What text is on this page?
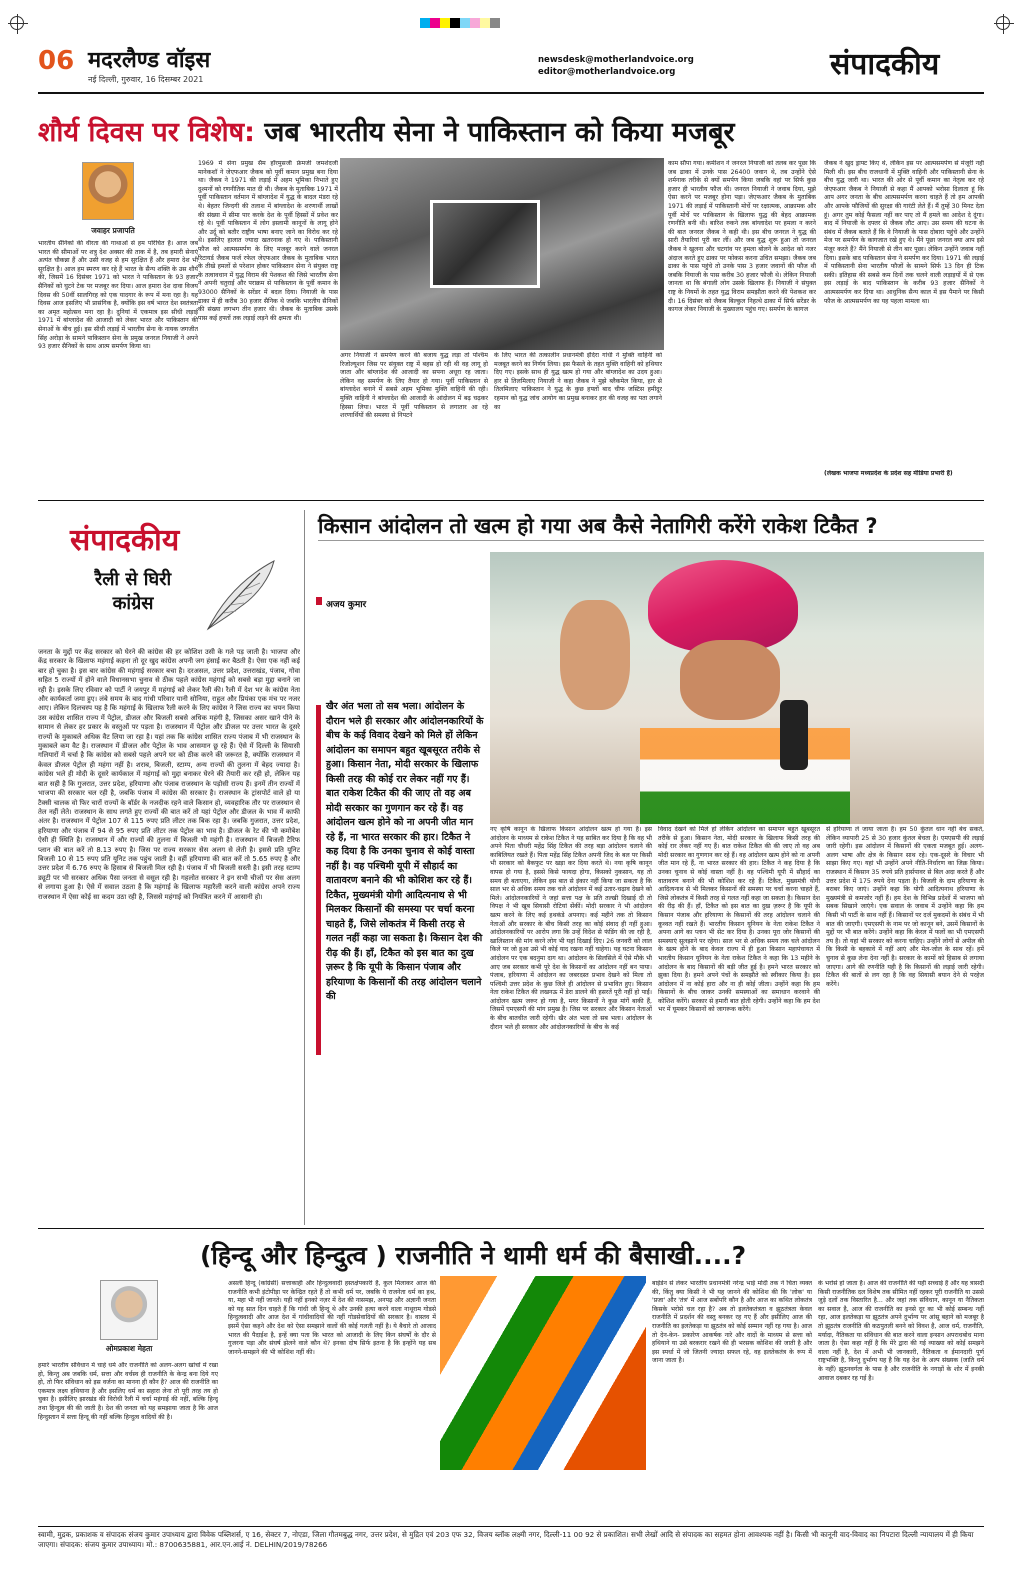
06 मदरलैण्ड वॉइस
नई दिल्ली, गुरुवार, 16 दिसम्बर 2021
newsdesk@motherlandvoice.org
editor@motherlandvoice.org	संपादकीय
शौर्य दिवस पर विशेष: जब भारतीय सेना ने पाकिस्तान को किया मजबूर
जवाहर प्रजापति
भारतीय सैनिकों की वीरता की गाथाओं से हम परिचित हैं। आज जब भारत की सीमाओं पर शत्रु देश अक्सर की ताक में है, तब हमारी सेनाएं अत्यंत चौकन्ना हैं और उसी वजह से हम सुरक्षित हैं और हमारा देश भी सुरक्षित है। आज हम स्मरण कर रहे हैं भारत के सैन्य शक्ति के उस शौर्य की, जिसमें 16 दिसंबर 1971 को भारत ने पाकिस्तान के 93 हजार सैनिकों को घुटने टेक पर मजबूर कर दिया। आज हमारा देश दावा विजय दिवस की 50वीं सालगिरह को एक यादगार के रूप में मना रहा है। यह दिवस आज इसलिए भी प्रासंगिक है, क्योंकि इस वर्ष भारत देश स्वतंत्रता का अमृत महोत्सव मना रहा है। दुनियां में एकमात्र इस सीधी लड़ाई 1971 में बांग्लादेश की आजादी को लेकर भारत और पाकिस्तान की सेनाओं के बीच हुई। इस सीधी लड़ाई में भारतीय सेना के नायक जगजीत सिंह अरोड़ा के सामने पाकिस्तान सेना के प्रमुख जनरल नियाजी ने अपने 93 हजार सैनिकों के साथ आत्म समर्पण किया था।
1969 में सेना प्रमुख सैम हॉरमुसजी फ्रेमजी जमशेदजी मानेकशॉ ने जेएफआर जैकब को पूर्वी कमान प्रमुख बना दिया था। जैकब ने 1971 की लड़ाई में अहम भूमिका निभाते हुए दुश्मनों को रणनीतिक मात दी थी। जैकब के मुताबिक 1971 में पूर्वी पाकिस्तान वर्तमान में बांग्लादेश में युद्ध के बादल मंडरा रहे थे। बेहतर जिन्दगी की तलाश में बांग्लादेश के शरणार्थी लाखों की संख्या में सीमा पार करके देश के पूर्वी हिस्सों में प्रवेश कर रहे थे। पूर्वी पाकिस्तान में लोग इस्लामी कानूनों के लागू होने और उर्दू को बतौर राष्ट्रीय भाषा बनाए जाने का विरोध कर रहे थे। इसलिए हालात ज्यादा खतरनाक हो गए थे। पाकिस्तानी फौज को आत्मसमर्पण के लिए मजबूर करने वाले जनरल रिटायर्ड जैकब फर्ज रफेल जेएफआर जैकब के मुताबिक भारत के तीखे हमलों से परेशान होकर पाकिस्तान सेना ने संयुक्त राष्ट्र के तत्वावधान में युद्ध विराम की पेशकश की जिसे भारतीय सेना ने अपनी चतुराई और पराक्रम से पाकिस्तान के पूर्वी कमान के 93000 सैनिकों के सरेंडर में बदल दिया। नियाजी के पास ढाका में ही करीब 30 हजार सैनिक थे जबकि भारतीय सैनिकों की संख्या लगभग तीन हजार थी। जैकब के मुताबिक उसके पास कई हफ्तों तक लड़ाई लड़ने की क्षमता थी।
अगर नियाजी ने समर्पण करने की बजाय युद्ध लड़ा तो पश्चिम रिजोल्यूशन जिस पर संयुक्त राष्ट्र में बहस हो रही थी वह लागू हो जाता और बांग्लादेश की आजादी का सपना अधूरा रह जाता। लेकिन वह समर्पण के लिए तैयार हो गया। पूर्वी पाकिस्तान से बांग्लादेश बनाने में सबसे अहम भूमिका मुक्ति वाहिनी की रही। मुक्ति वाहिनी ने बांग्लादेश की आजादी के आंदोलन में बढ़ चढ़कर हिस्सा लिया। भारत में पूर्वी पाकिस्तान से लगातार आ रहे शरणार्थियों की समस्या से निपटने
के लिए भारत की तत्कालीन प्रधानमंत्री इंदिरा गांधी ने मुक्ति वाहिनी को मजबूत करने का निर्णय लिया। इस फैसले के तहत मुक्ति वाहिनी को हथियार दिए गए। इसके साथ ही युद्ध खत्म हो गया और बांग्लादेश का उदय हुआ। हार से तिलमिलाए नियाजी ने कहा जैकब ने मुझे ब्लैकमेल किया, हार से तिलमिलाए पाकिस्तान ने युद्ध के कुछ हफ्तों बाद चीफ जस्टिस हमीदूर रहमान को युद्ध जांच आयोग का प्रमुख बनाकर हार की वजह का पता लगाने का
काम सौंपा गया। कमीशन ने जनरल नियाजी को तलब कर पूछा कि जब ढाका में उनके पास 26400 जवान थे, तब उन्होंने ऐसे शर्मनाक तरीके से क्यों समर्पण किया जबकि वहां पर सिर्फ कुछ हजार ही भारतीय फौज थी। जनरल नियाजी ने जवाब दिया, मुझे ऐसा करने पर मजबूर होना पड़ा। जेएफआर जैकब के मुताबिक 1971 की लड़ाई में पाकिस्तानी मोर्चे पर रक्षात्मक, आक्रामक और पूर्वी मोर्चे पर पाकिस्तान के खिलाफ युद्ध की बेहद आक्रामक रणनीति बनी थी। बारिश रुकने तक बांग्लादेश पर हमला न करने की बात जनरल जैकब ने कही थी। इस बीच जनरल ने युद्ध की सारी तैयारियां पूरी कर लीं। और जब युद्ध शुरू हुआ तो जनरल जैकब ने खुलना और चटगांव पर हमला बोलने के आदेश को नजर अंदाज करते हुए ढाका पर फोकस करना उचित समझा। जैकब जब ढाका के पास पहुंचे तो उनके पास 3 हजार जवानों की फौज थी जबकि नियाजी के पास करीब 30 हजार फौजी थे। लेकिन नियाजी जानता था कि बंगाली लोग उसके खिलाफ हैं। नियाजी ने संयुक्त राष्ट्र के नियमों के तहत युद्ध विराम समझौता करने की पेशकश कर दी। 16 दिसंबर को जैकब बिल्कुल निहत्थे ढाका में सिर्फ सरेंडर के कागज लेकर नियाजी के मुख्यालय पहुंच गए। समर्पण के कागज
जैकब ने खुद ड्राफ्ट किए थे, लेकिन इस पर आत्मसमर्पण से मंजूरी नहीं मिली थी। इस बीच राजधानी में मुक्ति वाहिनी और पाकिस्तानी सेना के बीच युद्ध जारी था। भारत की ओर से पूर्वी कमान का नेतृत्व कर रहे जेएफआर जैकब ने नियाजी से कहा मैं आपको भरोसा दिलाता हूं कि आप अगर जनता के बीच आत्मसमर्पण करना चाहते हैं तो हम आपकी और आपके फौजियों की सुरक्षा की गारंटी लेते हैं। मैं तुम्हें 30 मिनट देता हूं। अगर तुम कोई फैसला नहीं कर पाए तो मैं हमले का आदेश दे दूंगा। बाद में नियाजी के दफ्तर से जैकब लौट आए। उस समय की घटना के संबंध में जैकब बताते हैं कि वे नियाजी के पास दोबारा पहुंचे और उन्होंने मेज पर समर्पण के कागजात रखे हुए थे। मैंने पूछा जनरल क्या आप इसे मंजूर करते हैं? मैंने नियाजी से तीन बार पूछा। लेकिन उन्होंने जवाब नहीं दिया। इसके बाद पाकिस्तान सेना ने समर्पण कर दिया। 1971 की लड़ाई में पाकिस्तानी सेना भारतीय फौजों के सामने सिर्फ 13 दिन ही टिक सकी। इतिहास की सबसे कम दिनों तक चलने वाली लड़ाइयों में से एक इस लड़ाई के बाद पाकिस्तान के करीब 93 हजार सैनिकों ने आत्मसमर्पण कर दिया था। आधुनिक सैन्य काल में इस पैमाने पर किसी फौज के आत्मसमर्पण का यह पहला मामला था।
(लेखक भाजपा मध्यप्रदेश के प्रदेश सह मीडिया प्रभारी हैं)
संपादकीय
रैली से घिरी कांग्रेस
जनता के मुद्दों पर केंद्र सरकार को घेरने की कांग्रेस की हर कोशिश उसी के गले पड़ जाती है। भाजपा और केंद्र सरकार के खिलाफ महंगाई कहना तो दूर खुद कांग्रेस अपनी जग हंसाई कर बैठती है। ऐसा एक नहीं कई बार हो चुका है। इस बार कांग्रेस की महंगाई सरकार बचा है। दरअसल, उत्तर प्रदेश, उत्तराखंड, पंजाब, गोवा सहित 5 राज्यों में होने वाले विधानसभा चुनाव से ठीक पहले कांग्रेस महंगाई को सबसे बड़ा मुद्दा बनाने जा रही है। इसके लिए रविवार को पार्टी ने जयपुर में महंगाई को लेकर रैली की। रैली में देश भर के कांग्रेस नेता और कार्यकर्ता जमा हुए। लंबे समय के बाद गांधी परिवार यानी सोनिया, राहुल और प्रियंका एक मंच पर नजर आए। लेकिन दिलचस्प यह है कि महंगाई के खिलाफ रैली करने के लिए कांग्रेस ने जिस राज्य का चयन किया उस कांग्रेस शासित राज्य में पेट्रोल, डीजल और बिजली सबसे अधिक महंगी है, जिसका असर खाने पीने के सामान से लेकर हर प्रकार के वस्तुओं पर पड़ता है। राजस्थान में पेट्रोल और डीजल पर उत्तर भारत के दूसरे राज्यों के मुकाबले अधिक वैट लिया जा रहा है। यहां तक कि कांग्रेस शासित राज्य पंजाब में भी राजस्थान के मुकाबले कम वैट है। राजस्थान में डीजल और पेट्रोल के भाव आसमान छू रहे हैं। ऐसे में दिल्ली के सियासी गलियारों में चर्चा है कि कांग्रेस को सबसे पहले अपने घर को ठीक करने की जरूरत है, क्योंकि राजस्थान में केवल डीजल पेट्रोल ही महंगा नहीं है। शराब, बिजली, स्टाम्प, अन्य राज्यों की तुलना में बेहद ज्यादा है। कांग्रेस भले ही मोदी के दूसरे कार्यकाल में महंगाई को मुद्दा बनाकर घेरने की तैयारी कर रही हो, लेकिन यह बात सही है कि गुजरात, उत्तर प्रदेश, हरियाणा और पंजाब राजस्थान के पड़ोसी राज्य हैं। इनमें तीन राज्यों में भाजपा की सरकार चल रही है, जबकि पंजाब में कांग्रेस की सरकार है। राजस्थान के ट्रांसपोर्ट वाले हो या टैक्सी चालक वो फिर चारों राज्यों के बॉर्डर के नजदीक रहने वाले किसान हो, व्यवहारिक तौर पर राजस्थान से तेल नहीं लेते। राजस्थान के साथ लगते हुए राज्यों की बात करें तो यहां पेट्रोल और डीजल के भाव में काफी अंतर है। राजस्थान में पेट्रोल 107 से 115 रुपए प्रति लीटर तक बिक रहा है। जबकि गुजरात, उत्तर प्रदेश, हरियाणा और पंजाब में 94 से 95 रुपए प्रति लीटर तक पेट्रोल का भाव है। डीजल के रेट की भी कमोबेश ऐसी ही स्थिति है। राजस्थान में और राज्यों की तुलना में बिजली भी महंगी है। राजस्थान में बिजली टैरिफ प्लान की बात करें तो 8.13 रुपए है। जिस पर राज्य सरकार सेस अलग से लेती है। इससे प्रति यूनिट बिजली 10 से 15 रुपए प्रति यूनिट तक पहुंच जाती है। वहीं हरियाणा की बात करें तो 5.65 रुपए है और उत्तर प्रदेश में 6.76 रुपए के हिसाब से बिजली मिल रही है। पंजाब में भी बिजली सस्ती है। इसी तरह स्टाम्प ड्यूटी पर भी सरकार अधिक पैसा जनता से वसूल रही है। गहलोत सरकार ने इन सभी चीजों पर सेस अलग से लगाया हुआ है। ऐसे में सवाल उठता है कि महंगाई के खिलाफ महारैली करने वाली कांग्रेस अपने राज्य राजस्थान में ऐसा कोई सा कदम उठा रही है, जिससे महंगाई को नियंत्रित करने में आसानी हो।
किसान आंदोलन तो खत्म हो गया अब कैसे नेतागिरी करेंगे राकेश टिकैत ?
अजय कुमार
खैर अंत भला तो सब भला। आंदोलन के दौरान भले ही सरकार और आंदोलनकारियों के बीच के कई विवाद देखने को मिले हों लेकिन आंदोलन का समापन बहुत खूबसूरत तरीके से हुआ। किसान नेता, मोदी सरकार के खिलाफ किसी तरह की कोई रार लेकर नहीं गए हैं। बात राकेश टिकैत की की जाए तो वह अब मोदी सरकार का गुणगान कर रहे हैं। वह आंदोलन खत्म होने को ना अपनी जीत मान रहे हैं, ना भारत सरकार की हार। टिकैत ने कह दिया है कि उनका चुनाव से कोई वास्ता नहीं है। वह पश्चिमी यूपी में सौहार्द का वातावरण बनाने की भी कोशिश कर रहे हैं। टिकैत, मुख्यमंत्री योगी आदित्यनाथ से भी मिलकर किसानों की समस्या पर चर्चा करना चाहते हैं, जिसे लोकतंत्र में किसी तरह से गलत नहीं कहा जा सकता है। किसान देश की रीढ़ की हैं। हाँ, टिकैत को इस बात का दुख ज़रूर है कि यूपी के किसान पंजाब और हरियाणा के किसानों की तरह आंदोलन चलाने की
नए कृषि कानून के खिलाफ किसान आंदोलन खत्म हो गया है। इस आंदोलन के माध्यम से राकेश टिकैत ने यह साबित कर दिया है कि वह भी अपने पिता चौधरी महेंद्र सिंह टिकैत की तरह बड़ा आंदोलन चलाने की काबिलियत रखते हैं। पिता महेंद्र सिंह टिकैत अपनी जिद के बल पर किसी भी सरकार को बैकफुट पर खड़ा कर दिया करते थे। नया कृषि कानून वापस हो गया है, इससे किसे फायदा होगा, किसको नुकसान, यह तो समय ही बताएगा, लेकिन इस बात से इंकार नहीं किया जा सकता है कि साल भर से अधिक समय तक चले आंदोलन में कई उतार-चढ़ाव देखने को मिले। आंदोलनकारियों ने जहां सत्ता पक्ष के प्रति तल्खी दिखाई दी तो विपक्ष ने भी खूब सियासी रोटियां सेंकीं। मोदी सरकार ने भी आंदोलन खत्म करने के लिए कई हथकंडे अपनाए। कई महीने तक तो किसान नेताओं और सरकार के बीच किसी तरह का कोई संवाद ही नहीं हुआ। आंदोलनकारियों पर आरोप लगा कि उन्हें विदेश से फंडिंग की जा रही है, खालिस्तान की मांग करने लोग भी यहां दिखाई दिए। 26 जनवरी को लाल किले पर जो हुआ उसे भी कोई याद रखना नहीं चाहेगा। यह घटना किसान आंदोलन पर एक बदनुमा दाग था। आंदोलन के सिलसिले में ऐसे मौके भी आए जब सरकार कभी पूरे देश के किसानों का आंदोलन नहीं बन पाया। पंजाब, हरियाणा में आंदोलन का जबरदस्त प्रभाव देखने को मिला तो पश्चिमी उत्तर प्रदेश के कुछ जिले ही आंदोलन से प्रभावित हुए। किसान नेता राकेश टिकैत की लखनऊ में डेरा डालने की हसरतें पूरी नहीं हो पाईं। आंदोलन खत्म जरूर हो गया है, मगर किसानों ने कुछ मांगें बाकी हैं, जिसमें एमएसपी की मांग प्रमुख है। जिस पर सरकार और किसान नेताओं के बीच बातचीत जारी रहेगी। खैर अंत भला तो सब भला। आंदोलन के दौरान भले ही सरकार और आंदोलनकारियों के बीच के कई
विवाद देखने को मिले हों लेकिन आंदोलन का समापन बहुत खूबसूरत तरीके से हुआ। किसान नेता, मोदी सरकार के खिलाफ किसी तरह की कोई रार लेकर नहीं गए हैं। बात राकेश टिकैत की की जाए तो वह अब मोदी सरकार का गुणगान कर रहे हैं। वह आंदोलन खत्म होने को ना अपनी जीत मान रहे हैं, ना भारत सरकार की हार। टिकैत ने कह दिया है कि उनका चुनाव से कोई वास्ता नहीं है। वह पश्चिमी यूपी में सौहार्द का वातावरण बनाने की भी कोशिश कर रहे हैं। टिकैत, मुख्यमंत्री योगी आदित्यनाथ से भी मिलकर किसानों की समस्या पर चर्चा करना चाहते हैं, जिसे लोकतंत्र में किसी तरह से गलत नहीं कहा जा सकता है। किसान देश की रीढ़ की हैं। हाँ, टिकैत को इस बात का दुख ज़रूर है कि यूपी के किसान पंजाब और हरियाणा के किसानों की तरह आंदोलन चलाने की कूव्वत नहीं रखते हैं। भारतीय किसान यूनियन के नेता राकेश टिकैत ने अपना आगे का प्लान भी सेट कर दिया है। उनका पूरा जोर किसानों की समस्याएं सुलझाने पर रहेगा। साल भर से अधिक समय तक चले आंदोलन के खत्म होने के बाद केवल राज्य में ही हुआ किसान महापंचायत में भारतीय किसान यूनियन के नेता राकेश टिकैत ने कहा कि 13 महीने के आंदोलन के बाद किसानों की बड़ी जीत हुई है। हमने भारत सरकार को झुका दिया है। हमने अपने पंचों के समझौते को स्वीकार किया है। इस आंदोलन में ना कोई हारा और ना ही कोई जीता। उन्होंने कहा कि हम किसानों के बीच जाकर उनकी समस्याओं का समाधान करवाने की कोशिश करेंगे। सरकार से हमारी बात होती रहेगी। उन्होंने कहा कि हम देश भर में घूमकर किसानों को जागरूक करेंगे।
से हरियाणा ले जाया जाता है। हम 50 कुंतल धान नहीं बेच सकते, लेकिन व्यापारी 25 से 30 हजार कुंतल बेचता है। एमएसपी की लड़ाई जारी रहेगी। इस आंदोलन में किसानों की एकता मजबूत हुई। अलग-अलग भाषा और क्षेत्र के किसान साथ रहे। एक-दूसरे के विचार भी साझा किए गए। यहां भी उन्होंने अपने नीति-निर्धारण का जिक्र किया। राजस्थान में किसान 35 रुपये प्रति हार्सपावर से बिल अदा करते हैं और उत्तर प्रदेश में 175 रुपये देना पड़ता है। बिजली के दाम हरियाणा के बराबर किए जाएं। उन्होंने कहा कि योगी आदित्यनाथ हरियाणा के मुख्यमंत्री से कमजोर नहीं हैं। हम देश के विभिन्न प्रदेशों में भाजपा को सबक सिखाने जाएंगे। एक सवाल के जवाब में उन्होंने कहा कि हम किसी भी पार्टी के साथ नहीं हैं। किसानों पर दर्ज मुकदमों के संबंध में भी बात की जाएगी। एमएसपी के नाम पर जो कानून बने, उसमें किसानों के मुद्दों पर भी बात करेंगे। उन्होंने कहा कि केरल में फलों का भी एमएसपी तय है। तो यहां भी सरकार को करना चाहिए। उन्होंने लोगों से अपील की कि किसी के बहकावे में नहीं आएं और मेल-जोल के साथ रहें। हमें चुनाव से कुछ लेना देना नहीं है। सरकार के कामों को हिसाब से लगाया जाएगा। आगे की रणनीति यही है कि किसानों की लड़ाई जारी रहेगी। टिकैत की बातों से लग रहा है कि वह सियासी बयान देने से परहेज करेंगे।
(हिन्दू और हिन्दुत्व ) राजनीति ने थामी धर्म की बैसाखी....?
ओमप्रकाश मेहता
हमारे भारतीय संविधान में चाहे धर्म और राजनीति को अलग-अलग खांचों में रखा हो, किन्तु अब जबकि धर्म, सत्ता और वर्चस्व ही राजनीति के केन्द्र बना दिये गए हो, तो फिर संविधान को इस वर्जना का मानना ही कौन है? आज की राजनीति का एकमात्र लक्ष्य हथियाना है और इसलिए धर्म का सहारा लेना तो पूरी तरह तय हो चुका है। इसीलिए झारखंड की विरोधी रैली में चर्चा महंगाई की नहीं, बल्कि हिन्दू तथा हिन्दुत्व की की जाती है। देश की जनता को यह समझाया जाता है कि आज हिन्दुस्तान में सत्ता हिन्दू की नहीं बल्कि हिन्दुत्व वादियों की है।
असली हिन्दू (कांग्रेसी) सत्ताकाही और हिन्दुत्ववादी हस्तक्षेपकारी है, कुल मिलाकर आज की राजनीति कभी इंटोपीड़ा पर केन्द्रित रहते हैं तो कभी धर्म पर, जबकि ये राजनेता धर्म का हश्र, या, महा भी नहीं जानते। यही नहीं इनको नज़र में देश की नासमझ, अनपढ़ और अज्ञानी जनता को यह सात दिन चाहते हैं कि गांधी जी हिन्दू थे और उनकी हत्या करने वाला नाथूराम गोडसे हिन्दुत्ववादी और आज देश में गांधीवादियों की नहीं गोडसेवादियों की सरकार है। वास्तव में इसमें ऐसा कहने और देश को ऐसा समझाने वालों की कोई गलती नहीं है। ये बैचारे तो आजाद भारत की पैदाईश है, इन्हें क्या पता कि भारत को आजादी के लिए किन संघर्षों के दौर से गुजरना पड़ा और संघर्ष झेलने वाले कौन थे? इनका दोष सिर्फ इतना है कि इन्होंने यह सब जानने-समझने की भी कोशिश नहीं की।
बाईडेन से लेकर भारतीय प्रधानमंत्री नरेन्द्र भाई मोदी तक ने चिंता व्यक्त की, किंतु क्या किसी ने भी यह जानने की कोशिश की कि 'लोक' या 'प्रजा' और 'तंत्र' में आज सबोंपरि कौन है और आज का कथित लोकतंत्र किसके भरोसे चल रहा है? अब तो इलतेकतंत्रता व झूठतंत्रता केवल राजनीति में प्रदर्शन की वस्तु बनकर रह गए हैं और इसीलिए आज की राजनीति का इलतेकड़ा या झूठतंत्र को कोई सम्मान नहीं रह गया है। आज तो देन-केन- प्रकारेण आकर्षक नारे और वादों के माध्यम से सत्ता को हथियाने या उसे बरकरार रखने की ही भरसक कोशिश की जाती है और इस स्पर्धा में जो जितनी ज्यादा सफल रहे, वह इलतेकतंत्र के रूप में जाना जाता है।
के भरोसे हो जाता है। आज की राजनीति की यही सच्चाई है और यह त्रासदी किसी राजनीतिक दल विशेष तक सीमित नहीं रहकर पूरी राजनीति या उससे जुड़े दलों तक विस्तारित है... और जहां तक संविधान, कानून या नैतिकता का सवाल है, आज की राजनीति का इनसे दूर का भी कोई सम्बन्ध नहीं रहा, आज इलतेकड़ा या झूठतंत्र अपने दुर्भाग्य पर आंसू बहाने को मजबूर है तो झूठतंत्र राजनीति की कठपुतली बनने को विवश है, आज धर्म, राजनीति, मर्यादा, नैतिकता या संविधान की बात करने वाला इन्सान अपराधबोध माना जाता है। ऐसा कहा नहीं है कि मेरे द्वारा की गई व्याख्या को कोई समझने वाला नहीं है, देश में अभी भी जानकारी, नैतिकता व ईमानदारी पूर्ण राष्ट्रभक्ति है, किन्तु दुर्भाग्य यह है कि यह देश के अल्प संख्यक (जाति धर्म के नहीं) झूठनवर्गता के पास है और राजनीति के नगाड़ों के शोर में इनकी आवाज दबकर रह गई है।
स्वामी, मुद्रक, प्रकाशक व संपादक संजय कुमार उपाध्याय द्वारा विवेक पब्लिशर्स, ए 16, सेक्टर 7, नोएडा, जिला गौतमबुद्ध नगर, उत्तर प्रदेश, से मुद्रित एवं 203 एफ 32, विजय ब्लॉक लक्ष्मी नगर, दिल्ली-11 00 92 से प्रकाशित। सभी लेखों आदि से संपादक का सहमत होना आवश्यक नहीं है। किसी भी कानूनी वाद-विवाद का निपटारा दिल्ली न्यायालय में ही किया जाएगा। संपादक: संजय कुमार उपाध्याय। मो.: 8700635881, आर.एन.आई नं. DELHIN/2019/78266
